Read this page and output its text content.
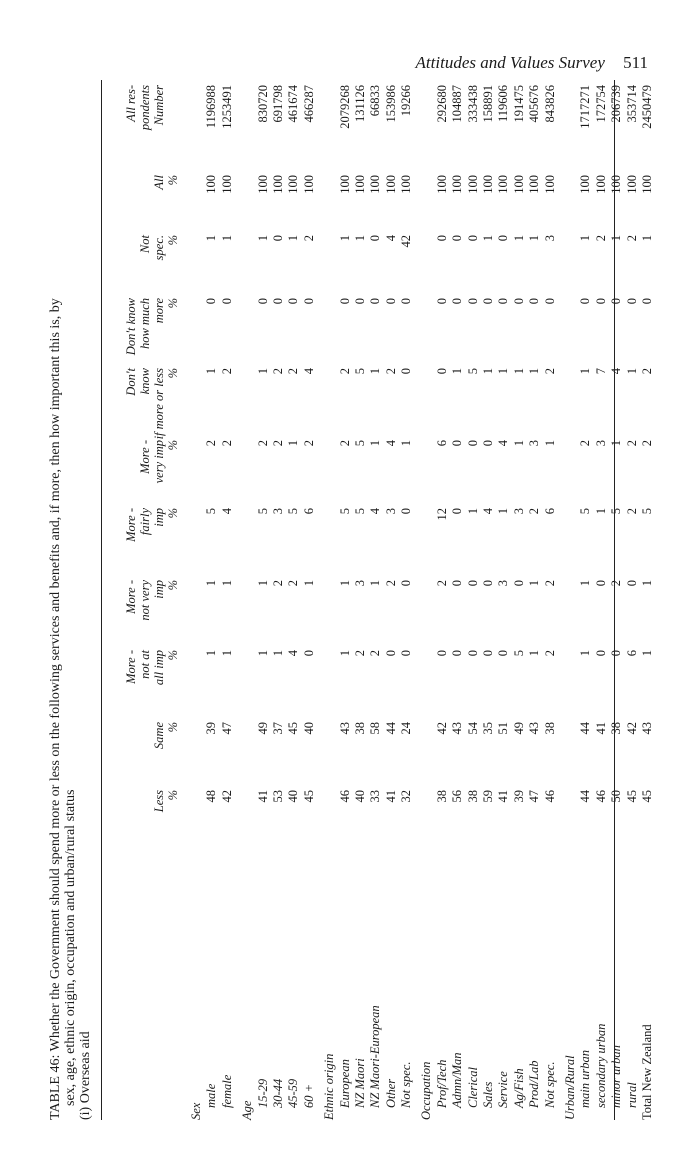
Attitudes and Values Survey 511
TABLE 46: Whether the Government should spend more or less on the following services and benefits and, if more, then how important this is, by sex, age, ethnic origin, occupation and urban/rural status (i) Overseas aid

Less %

Same %
More - not at all imp %
More - not very imp %
More - fairly imp %

More - very imp %
Don't know if more or less %
Don't know how much more %

Not spec. %

All %
All res- pondents Number

Sex
male
48
39
1
1
5
2
1
0
1
100
1196988
female
42
47
1
1
4
2
2
0
1
100
1253491
Age
15-29
41
49
1
1
5
2
1
0
1
100
830720
30-44
53
37
1
2
3
2
2
0
0
100
691798
45-59
40
45
4
2
5
1
2
0
1
100
461674
60 +
45
40
0
1
6
2
4
0
2
100
466287
Ethnic origin European
46
43
1
1
5
2
2
0
1
100
2079268
NZ Maori
40
38
2
3
5
5
5
0
1
100
131126
NZ Maori-European
33
58
2
1
4
1
1
0
0
100
66833
Other
41
44
0
2
3
4
2
0
4
100
153986
Not spec.
32
24
0
0
0
1
0
0
42
100
19266
Occupation Prof/Tech
38
42
0
2
12
6
0
0
0
100
292680
Admn/Man
56
43
0
0
0
0
1
0
0
100
104887
Clerical
38
54
0
0
1
0
5
0
0
100
333438
Sales
59
35
0
0
4
0
1
0
1
100
158891
Service
41
51
0
3
1
4
1
0
0
100
119606
Ag/Fish
39
49
5
0
3
1
1
0
1
100
191475
Prod/Lab
47
43
1
1
2
3
1
0
1
100
405676
Not spec.
46
38
2
2
6
1
2
0
3
100
843826
Urban/Rural main urban
44
44
1
1
5
2
1
0
1
100
1717271
secondary urban
46
41
0
0
1
3
7
0
2
100
172754
minor urban
50
38
0
2
5
1
4
0
1
100
206739
rural
45
42
6
0
2
2
1
0
2
100
353714
Total New Zealand
45
43
1
1
5
2
2
0
1
100
2450479
